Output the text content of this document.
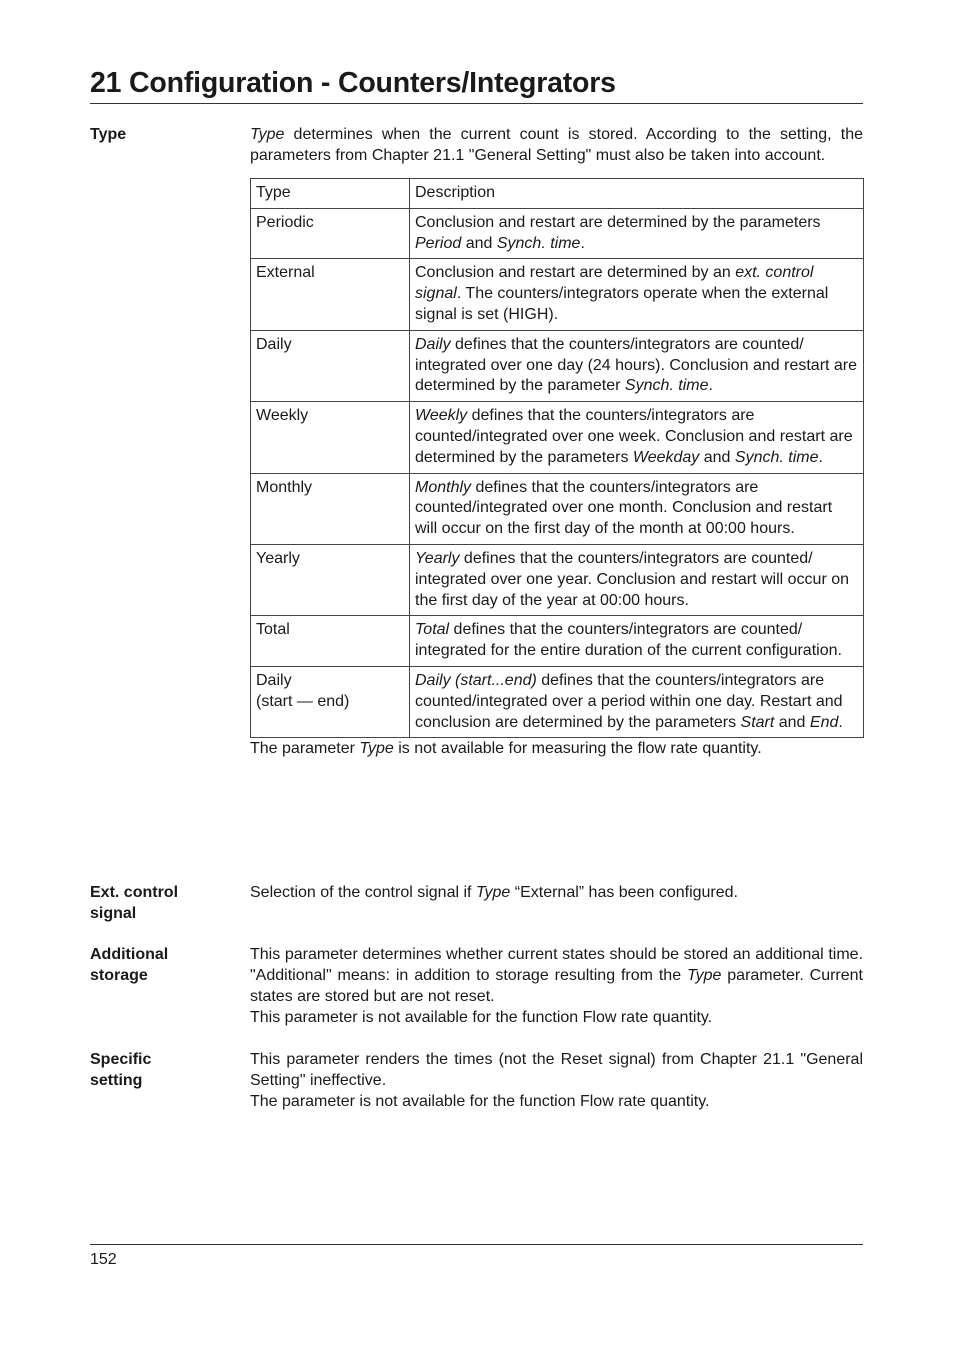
21 Configuration - Counters/Integrators
Type	Type determines when the current count is stored. According to the setting, the parameters from Chapter 21.1 "General Setting" must also be taken into account.

Type	Description

Periodic	Conclusion and restart are determined by the parameters Period and Synch. time.

External	Conclusion and restart are determined by an ext. control signal. The counters/integrators operate when the external signal is set (HIGH).

Daily	Daily defines that the counters/integrators are counted/ integrated over one day (24 hours). Conclusion and restart are determined by the parameter Synch. time.

Weekly	Weekly defines that the counters/integrators are counted/integrated over one week. Conclusion and restart are determined by the parameters Weekday and Synch. time.

Monthly	Monthly defines that the counters/integrators are counted/integrated over one month. Conclusion and restart will occur on the first day of the month at 00:00 hours.

Yearly	Yearly defines that the counters/integrators are counted/ integrated over one year. Conclusion and restart will occur on the first day of the year at 00:00 hours.

Total	Total defines that the counters/integrators are counted/ integrated for the entire duration of the current configuration.

Daily
(start — end)	Daily (start...end) defines that the counters/integrators are counted/integrated over a period within one day. Restart and conclusion are determined by the parameters Start and End.

The parameter Type is not available for measuring the flow rate quantity.

Ext. control
signal

Selection of the control signal if Type “External” has been configured.

Additional
storage

This parameter determines whether current states should be stored an additional time. "Additional" means: in addition to storage resulting from the Type parameter. Current states are stored but are not reset.

This parameter is not available for the function Flow rate quantity.

Specific
setting

This parameter renders the times (not the Reset signal) from Chapter 21.1 "General Setting" ineffective.

The parameter is not available for the function Flow rate quantity.

152
